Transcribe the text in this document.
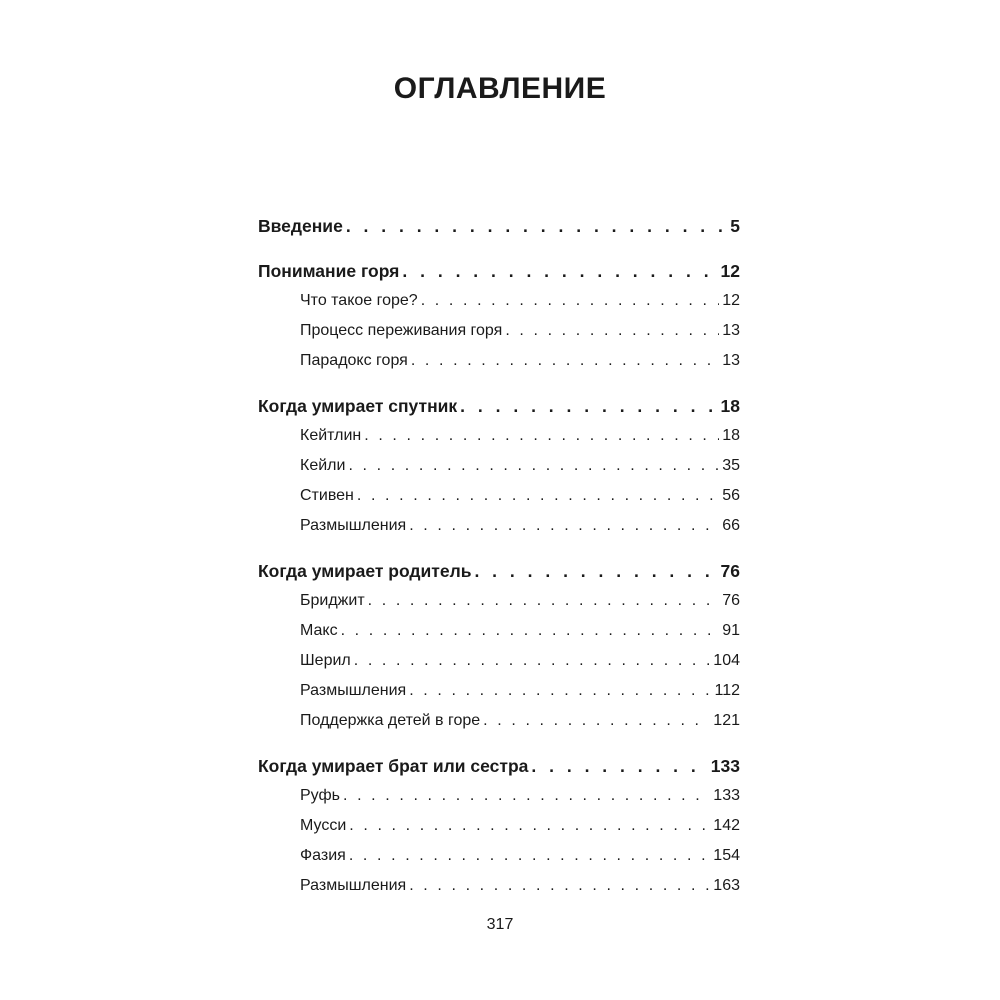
ОГЛАВЛЕНИЕ
Введение . . .	5
Понимание горя . . .	12
Что такое горе? . . .	12
Процесс переживания горя . . .	13
Парадокс горя . . .	13
Когда умирает спутник . . .	18
Кейтлин . . .	18
Кейли . . .	35
Стивен . . .	56
Размышления . . .	66
Когда умирает родитель . . .	76
Бриджит . . .	76
Макс . . .	91
Шерил . . .	104
Размышления . . .	112
Поддержка детей в горе . . .	121
Когда умирает брат или сестра . . .	133
Руфь . . .	133
Мусси . . .	142
Фазия . . .	154
Размышления . . .	163
317
